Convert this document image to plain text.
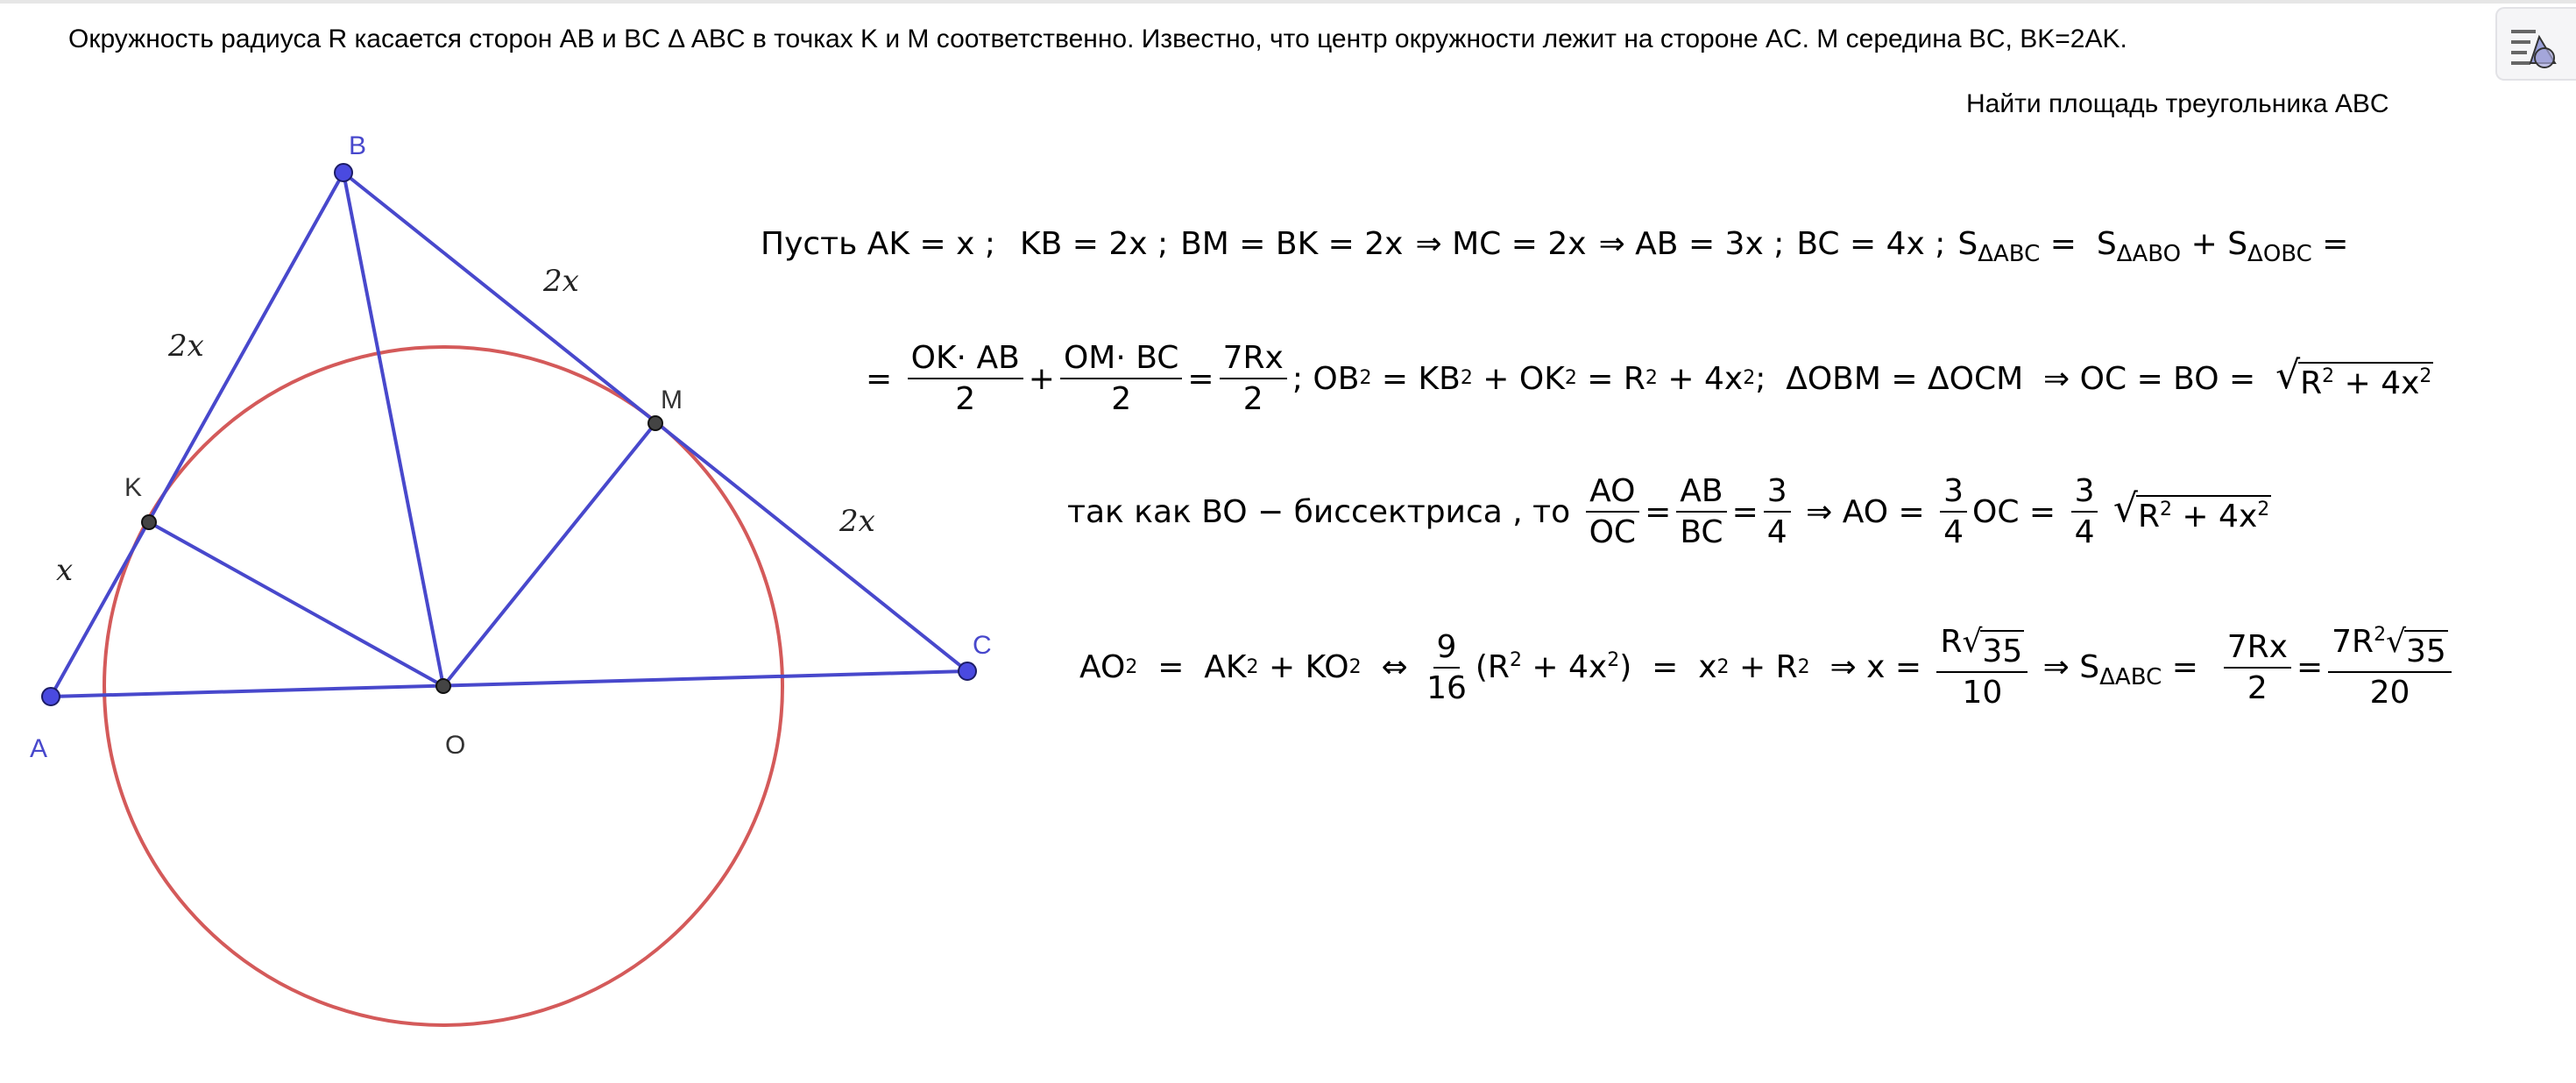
Окружность радиуса R касается сторон AB и BC Δ ABC в точках K и M соответственно. Известно, что центр окружности лежит на стороне AC. M середина BC, BK=2AK.
Найти площадь треугольника ABC
A
B
C
K
M
O
2x
2x
2x
x
Пусть AK = x ; KB = 2x ; BM = BK = 2x ⇒ MC = 2x ⇒ AB = 3x ; BC = 4x ; $S_{\Delta ABC} = S_{\Delta ABO} + S_{\Delta OBC}$ =
= $\frac{OK\cdot AB}{2} + \frac{OM\cdot BC}{2} = \frac{7Rx}{2}$ ; OB 2 = KB 2 + OK 2 = R 2 + 4x 2 ; ΔOBM = ΔOCM
⇒ OC = BO =
√ $R^2 + 4x^2$
так как BO − биссектриса , то
$\frac{AO}{OC} = \frac{AB}{BC} = \frac{3}{4}$
⇒ AO =
$\frac{3}{4}$ OC =
$\frac{3}{4}$
√ $R^2 + 4x^2$
AO 2 = AK 2 + KO 2 ⇔ $\frac{9}{16} (R^2 + 4x^2) = x$ 2 + R 2
⇒ x =
$\frac{R √ 35}{10}$ ⇒ $S_{\Delta ABC} = \frac{7Rx}{2} = \frac{7R^2 √ 35}{20}$
